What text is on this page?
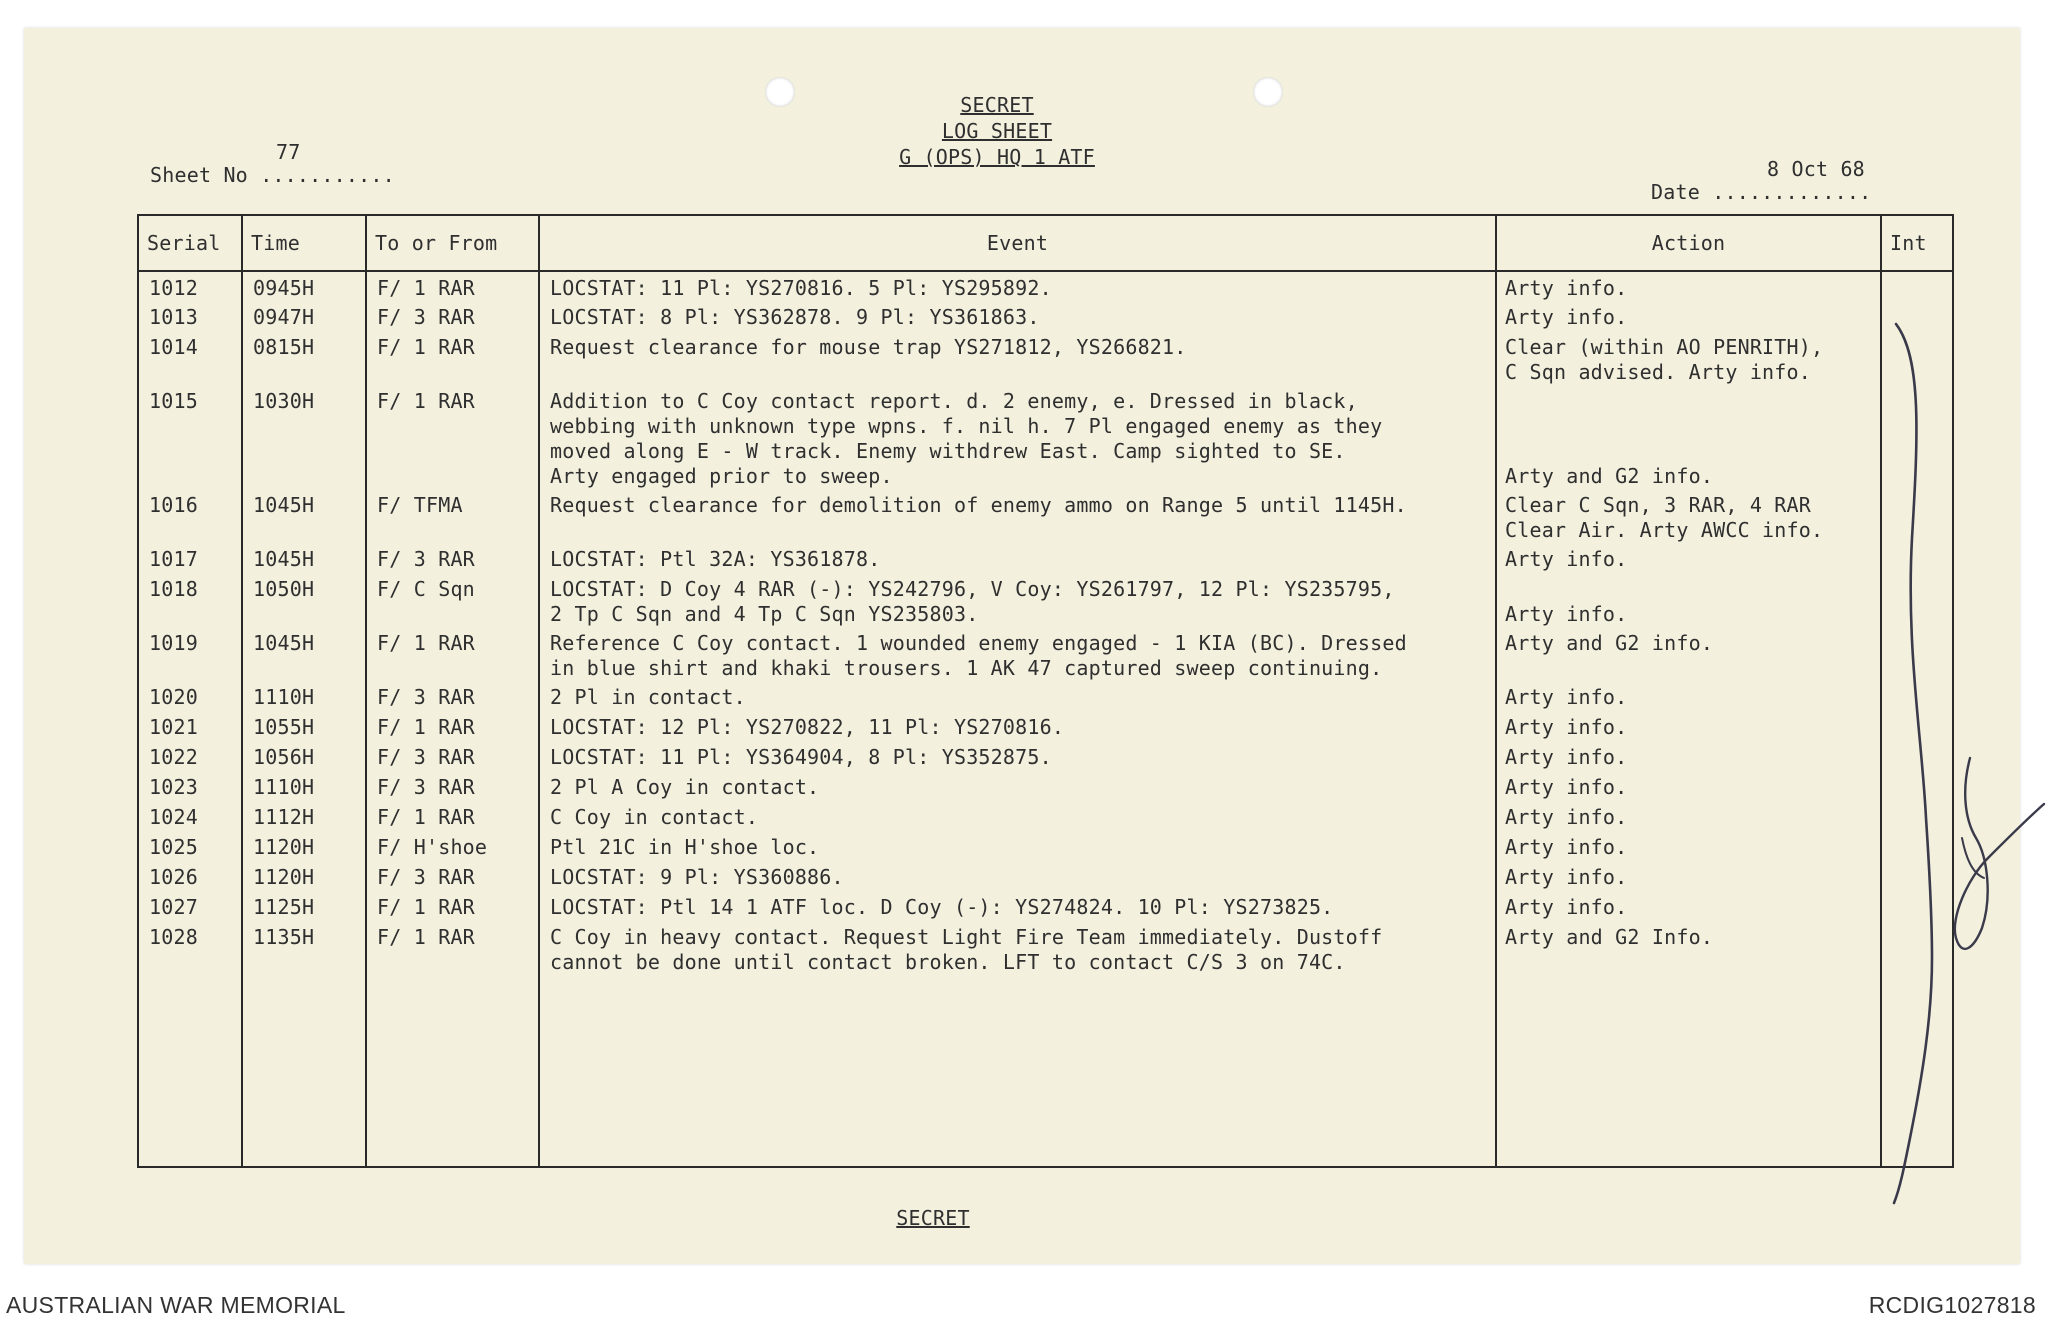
SECRET
LOG SHEET
G (OPS) HQ 1 ATF
Sheet No ...........
77
Date .............
8 Oct 68
Serial	Time	To or From	Event	Action	Int
1012	0945H	F/ 1 RAR	LOCSTAT: 11 Pl: YS270816. 5 Pl: YS295892.	Arty info.	
1013	0947H	F/ 3 RAR	LOCSTAT: 8 Pl: YS362878. 9 Pl: YS361863.	Arty info.	
1014	0815H	F/ 1 RAR	Request clearance for mouse trap YS271812, YS266821.	Clear (within AO PENRITH),
C Sqn advised. Arty info.	
1015	1030H	F/ 1 RAR	Addition to C Coy contact report. d. 2 enemy, e. Dressed in black,
webbing with unknown type wpns. f. nil h. 7 Pl engaged enemy as they
moved along E - W track. Enemy withdrew East. Camp sighted to SE.
Arty engaged prior to sweep.	

Arty and G2 info.	
1016	1045H	F/ TFMA	Request clearance for demolition of enemy ammo on Range 5 until 1145H.	Clear C Sqn, 3 RAR, 4 RAR
Clear Air. Arty AWCC info.	
1017	1045H	F/ 3 RAR	LOCSTAT: Ptl 32A: YS361878.	Arty info.	
1018	1050H	F/ C Sqn	LOCSTAT: D Coy 4 RAR (-): YS242796, V Coy: YS261797, 12 Pl: YS235795,
2 Tp C Sqn and 4 Tp C Sqn YS235803.	
Arty info.	
1019	1045H	F/ 1 RAR	Reference C Coy contact. 1 wounded enemy engaged - 1 KIA (BC). Dressed
in blue shirt and khaki trousers. 1 AK 47 captured sweep continuing.	Arty and G2 info.	
1020	1110H	F/ 3 RAR	2 Pl in contact.	Arty info.	
1021	1055H	F/ 1 RAR	LOCSTAT: 12 Pl: YS270822, 11 Pl: YS270816.	Arty info.	
1022	1056H	F/ 3 RAR	LOCSTAT: 11 Pl: YS364904, 8 Pl: YS352875.	Arty info.	
1023	1110H	F/ 3 RAR	2 Pl A Coy in contact.	Arty info.	
1024	1112H	F/ 1 RAR	C Coy in contact.	Arty info.	
1025	1120H	F/ H'shoe	Ptl 21C in H'shoe loc.	Arty info.	
1026	1120H	F/ 3 RAR	LOCSTAT: 9 Pl: YS360886.	Arty info.	
1027	1125H	F/ 1 RAR	LOCSTAT: Ptl 14 1 ATF loc. D Coy (-): YS274824. 10 Pl: YS273825.	Arty info.	
1028	1135H	F/ 1 RAR	C Coy in heavy contact. Request Light Fire Team immediately. Dustoff
cannot be done until contact broken. LFT to contact C/S 3 on 74C.	Arty and G2 Info.	

SECRET
AUSTRALIAN WAR MEMORIAL	RCDIG1027818
